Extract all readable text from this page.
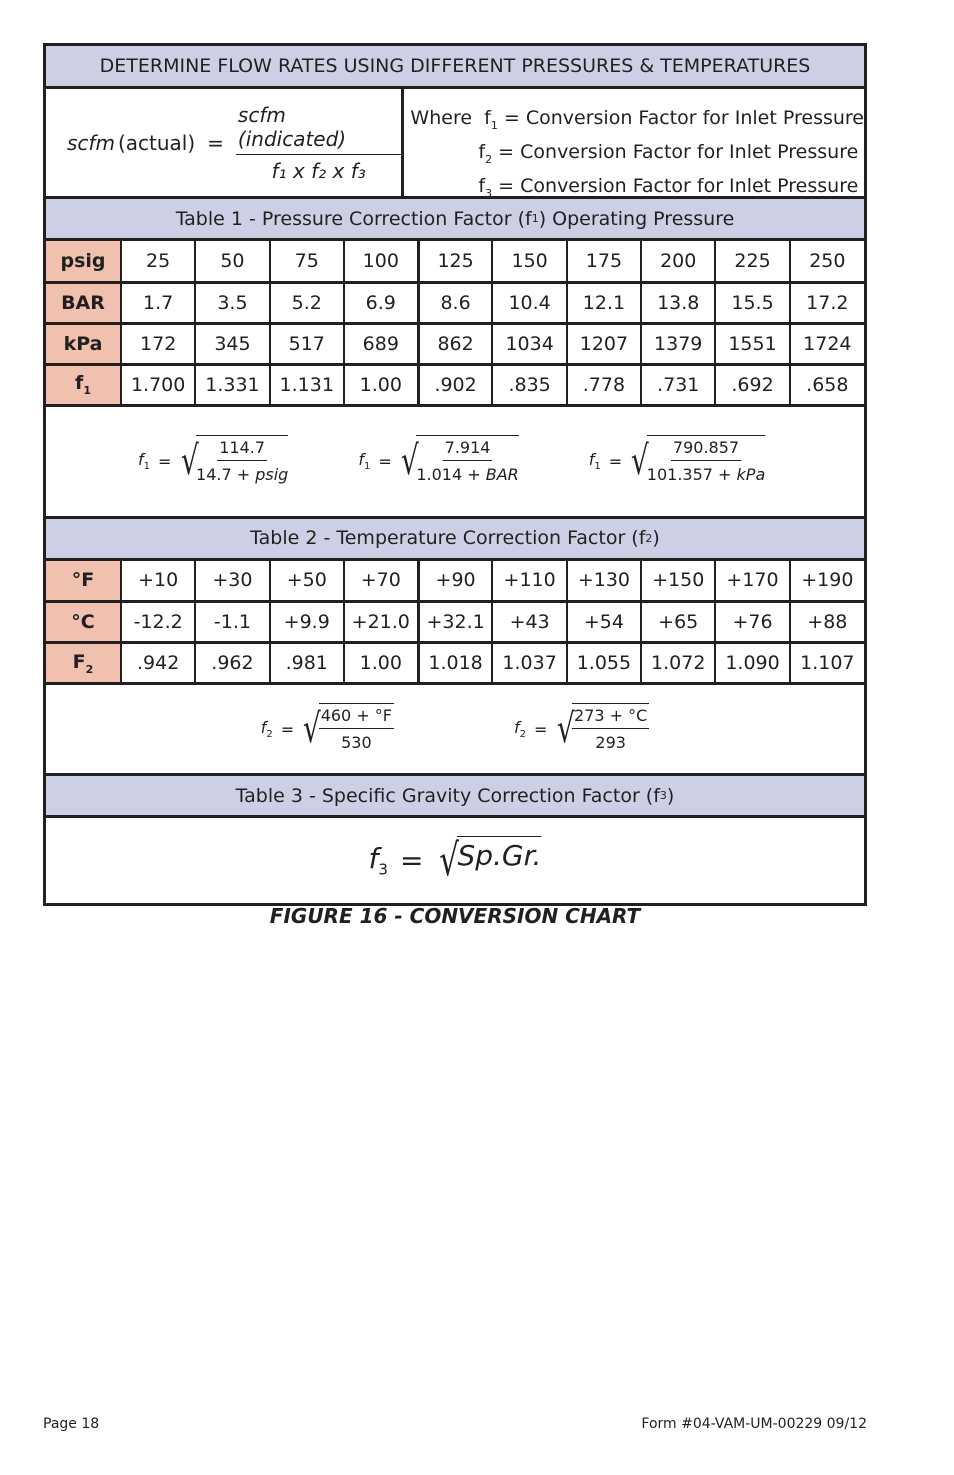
DETERMINE FLOW RATES USING DIFFERENT PRESSURES & TEMPERATURES
scfm (actual) = $\frac{\text{scfm (indicated)}}{\text{f₁ x f₂ x f₃}}$ Where $f_1$ = Conversion Factor for Inlet Pressure
$f_2$ = Conversion Factor for Inlet Pressure
$f_3$ = Conversion Factor for Inlet Pressure
Table 1 - Pressure Correction Factor (f 1 ) Operating Pressure
psig	25	50	75	100	125	150	175	200	225	250
BAR	1.7	3.5	5.2	6.9	8.6	10.4	12.1	13.8	15.5	17.2
kPa	172	345	517	689	862	1034	1207	1379	1551	1724
$f_1$	1.700	1.331	1.131	1.00	.902	.835	.778	.731	.692	.658
$f_1$ = √
$\frac{114.7}{\text{14.7 + psig}}$	$f_1$ = √
$\frac{7.914}{\text{1.014 + BAR}}$	$f_1$ = √
$\frac{790.857}{\text{101.357 + kPa}}$
Table 2 - Temperature Correction Factor (f 2 )
°F	+10	+30	+50	+70	+90	+110	+130	+150	+170	+190
°C	-12.2	-1.1	+9.9	+21.0	+32.1	+43	+54	+65	+76	+88
$F_2$	.942	.962	.981	1.00	1.018	1.037	1.055	1.072	1.090	1.107
$f_2$ = √
$\frac{460 + ^\circ F}{530}$	$f_2$ = √
$\frac{273 + ^\circ C}{293}$
Table 3 - Specific Gravity Correction Factor (f 3 )
$f_3$ = √
Sp.Gr.
FIGURE 16 - CONVERSION CHART
Page 18	Form #04-VAM-UM-00229 09/12
